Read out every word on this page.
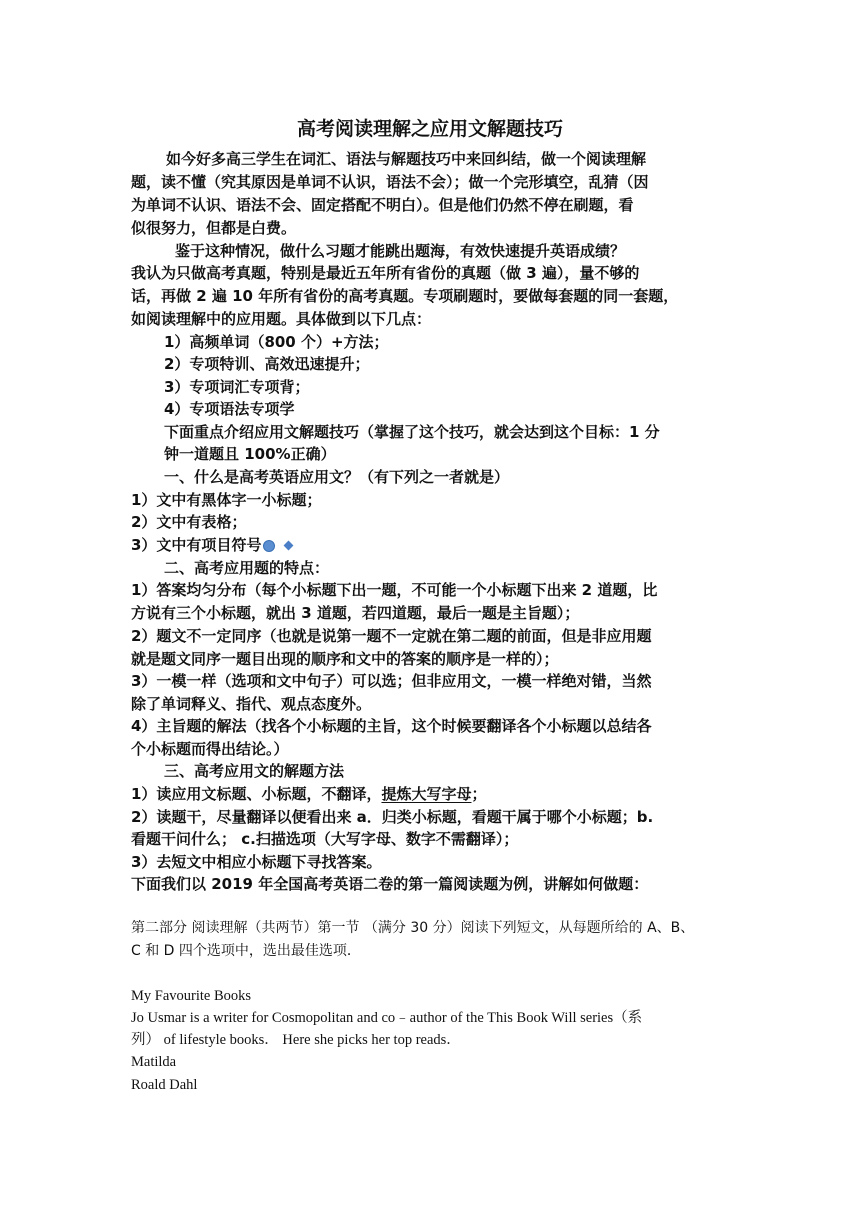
高考阅读理解之应用文解题技巧
如今好多高三学生在词汇、语法与解题技巧中来回纠结，做一个阅读理解
题，读不懂（究其原因是单词不认识，语法不会）；做一个完形填空，乱猜（因
为单词不认识、语法不会、固定搭配不明白）。但是他们仍然不停在刷题，看
似很努力，但都是白费。
鉴于这种情况，做什么习题才能跳出题海，有效快速提升英语成绩？
我认为只做高考真题，特别是最近五年所有省份的真题（做 3 遍），量不够的
话，再做 2 遍 10 年所有省份的高考真题。专项刷题时，要做每套题的同一套题，
如阅读理解中的应用题。具体做到以下几点：
1）高频单词（800 个）+方法；
2）专项特训、高效迅速提升；
3）专项词汇专项背；
4）专项语法专项学
下面重点介绍应用文解题技巧（掌握了这个技巧，就会达到这个目标：1 分
钟一道题且 100%正确）
一、什么是高考英语应用文？（有下列之一者就是）
1）文中有黑体字一小标题；
2）文中有表格；
3）文中有项目符号
二、高考应用题的特点：
1）答案均匀分布（每个小标题下出一题，不可能一个小标题下出来 2 道题，比
方说有三个小标题，就出 3 道题，若四道题，最后一题是主旨题）；
2）题文不一定同序（也就是说第一题不一定就在第二题的前面，但是非应用题
就是题文同序一题目出现的顺序和文中的答案的顺序是一样的）；
3）一模一样（选项和文中句子）可以选；但非应用文，一模一样绝对错，当然
除了单词释义、指代、观点态度外。
4）主旨题的解法（找各个小标题的主旨，这个时候要翻译各个小标题以总结各
个小标题而得出结论。）
三、高考应用文的解题方法
1）读应用文标题、小标题，不翻译，提炼大写字母；
2）读题干，尽量翻译以便看出来 a．归类小标题，看题干属于哪个小标题；b.
看题干问什么； c.扫描选项（大写字母、数字不需翻译）；
3）去短文中相应小标题下寻找答案。
下面我们以 2019 年全国高考英语二卷的第一篇阅读题为例，讲解如何做题：
第二部分 阅读理解（共两节）第一节 （满分 30 分）阅读下列短文，从每题所给的 A、B、
C 和 D 四个选项中，选出最佳选项．
My Favourite Books
Jo Usmar is a writer for Cosmopolitan and co﹣author of the This Book Will series（系
列） of lifestyle books． Here she picks her top reads．
Matilda
Roald Dahl
